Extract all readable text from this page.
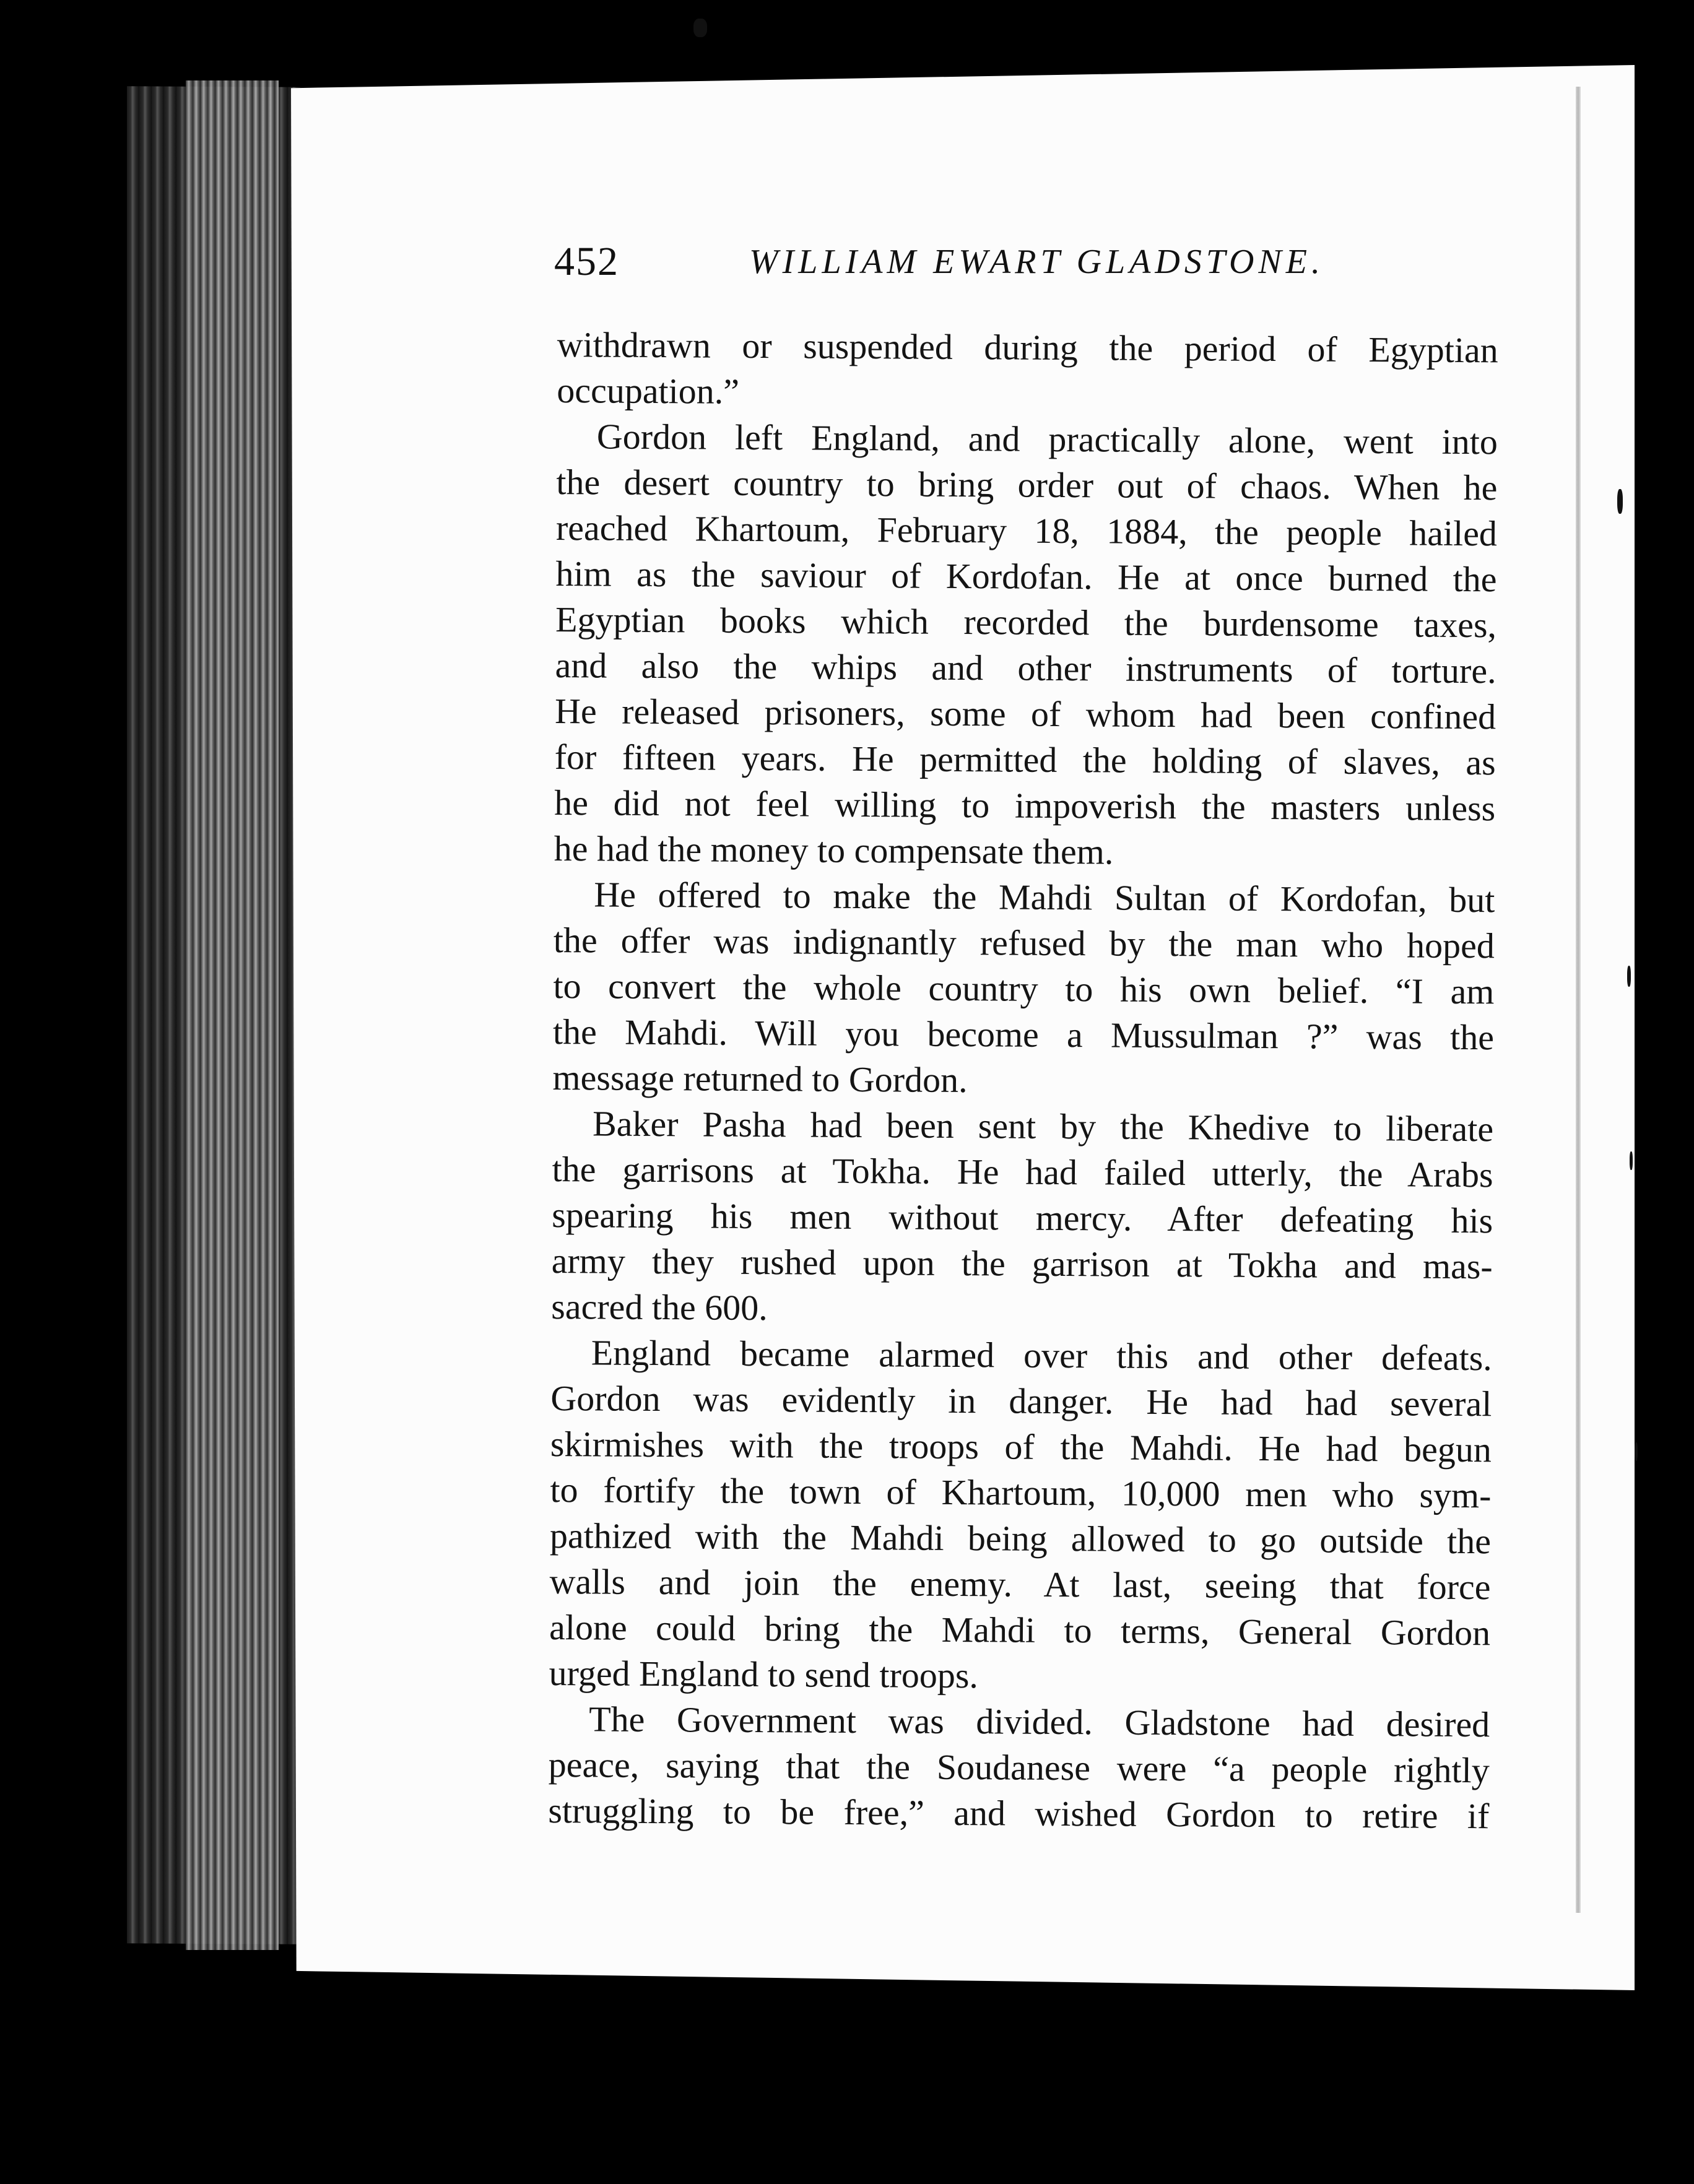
452	WILLIAM EWART GLADSTONE.
withdrawn or suspended during the period of Egyptian
occupation.”
Gordon left England, and practically alone, went into
the desert country to bring order out of chaos. When he
reached Khartoum, February 18, 1884, the people hailed
him as the saviour of Kordofan. He at once burned the
Egyptian books which recorded the burdensome taxes,
and also the whips and other instruments of torture.
He released prisoners, some of whom had been confined
for fifteen years. He permitted the holding of slaves, as
he did not feel willing to impoverish the masters unless
he had the money to compensate them.
He offered to make the Mahdi Sultan of Kordofan, but
the offer was indignantly refused by the man who hoped
to convert the whole country to his own belief. “I am
the Mahdi. Will you become a Mussulman ?” was the
message returned to Gordon.
Baker Pasha had been sent by the Khedive to liberate
the garrisons at Tokha. He had failed utterly, the Arabs
spearing his men without mercy. After defeating his
army they rushed upon the garrison at Tokha and mas-
sacred the 600.
England became alarmed over this and other defeats.
Gordon was evidently in danger. He had had several
skirmishes with the troops of the Mahdi. He had begun
to fortify the town of Khartoum, 10,000 men who sym-
pathized with the Mahdi being allowed to go outside the
walls and join the enemy. At last, seeing that force
alone could bring the Mahdi to terms, General Gordon
urged England to send troops.
The Government was divided. Gladstone had desired
peace, saying that the Soudanese were “a people rightly
struggling to be free,” and wished Gordon to retire if
